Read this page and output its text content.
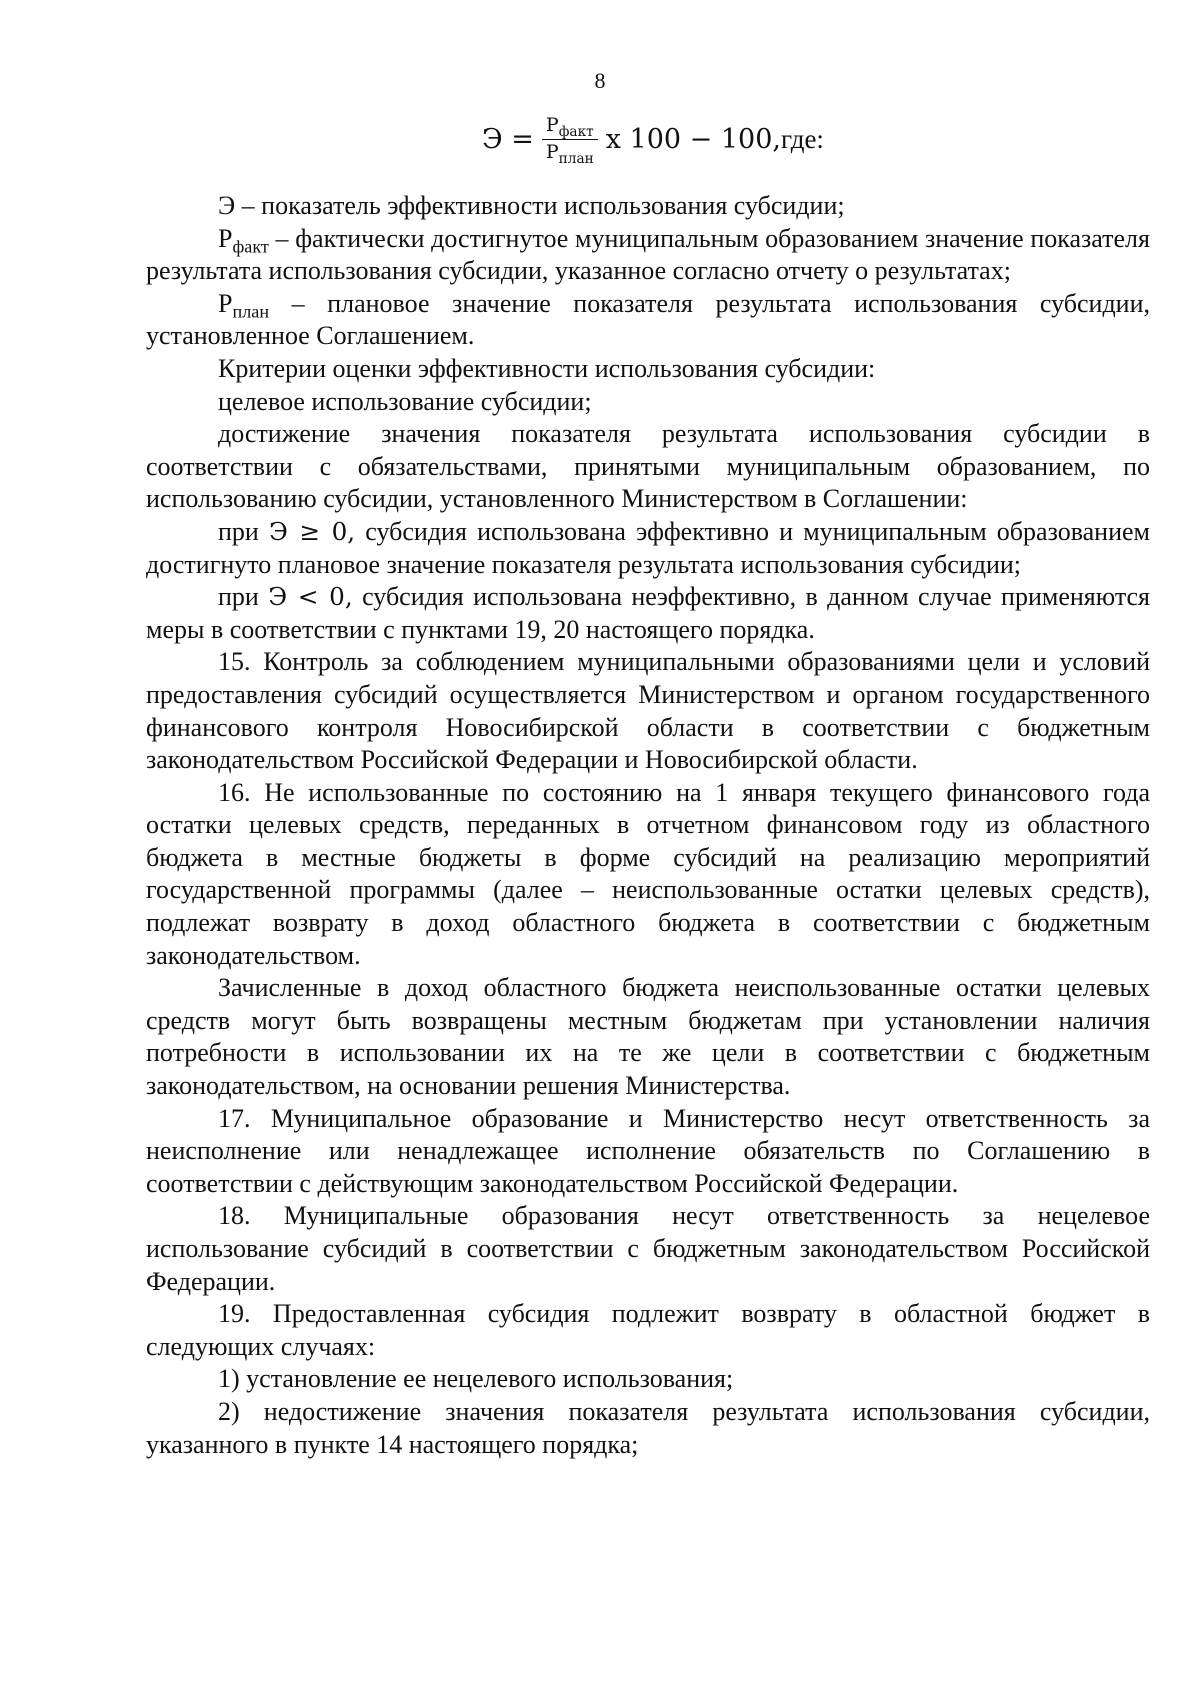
8
$Э = \frac{Р_{факт}}{Р_{план}}$ х 100 − 100, где:

Э – показатель эффективности использования субсидии;

$Р_{факт}$ – фактически достигнутое муниципальным образованием значение показателя результата использования субсидии, указанное согласно отчету о результатах;

$Р_{план}$ – плановое значение показателя результата использования субсидии, установленное Соглашением.

Критерии оценки эффективности использования субсидии:

целевое использование субсидии;

достижение значения показателя результата использования субсидии в соответствии с обязательствами, принятыми муниципальным образованием, по использованию субсидии, установленного Министерством в Соглашении:

при Э ≥ 0, субсидия использована эффективно и муниципальным образованием достигнуто плановое значение показателя результата использования субсидии;

при Э < 0, субсидия использована неэффективно, в данном случае применяются меры в соответствии с пунктами 19, 20 настоящего порядка.

15. Контроль за соблюдением муниципальными образованиями цели и условий предоставления субсидий осуществляется Министерством и органом государственного финансового контроля Новосибирской области в соответствии с бюджетным законодательством Российской Федерации и Новосибирской области.

16. Не использованные по состоянию на 1 января текущего финансового года остатки целевых средств, переданных в отчетном финансовом году из областного бюджета в местные бюджеты в форме субсидий на реализацию мероприятий государственной программы (далее – неиспользованные остатки целевых средств), подлежат возврату в доход областного бюджета в соответствии с бюджетным законодательством.

Зачисленные в доход областного бюджета неиспользованные остатки целевых средств могут быть возвращены местным бюджетам при установлении наличия потребности в использовании их на те же цели в соответствии с бюджетным законодательством, на основании решения Министерства.

17. Муниципальное образование и Министерство несут ответственность за неисполнение или ненадлежащее исполнение обязательств по Соглашению в соответствии с действующим законодательством Российской Федерации.

18. Муниципальные образования несут ответственность за нецелевое использование субсидий в соответствии с бюджетным законодательством Российской Федерации.

19. Предоставленная субсидия подлежит возврату в областной бюджет в следующих случаях:

1) установление ее нецелевого использования;

2) недостижение значения показателя результата использования субсидии, указанного в пункте 14 настоящего порядка;
